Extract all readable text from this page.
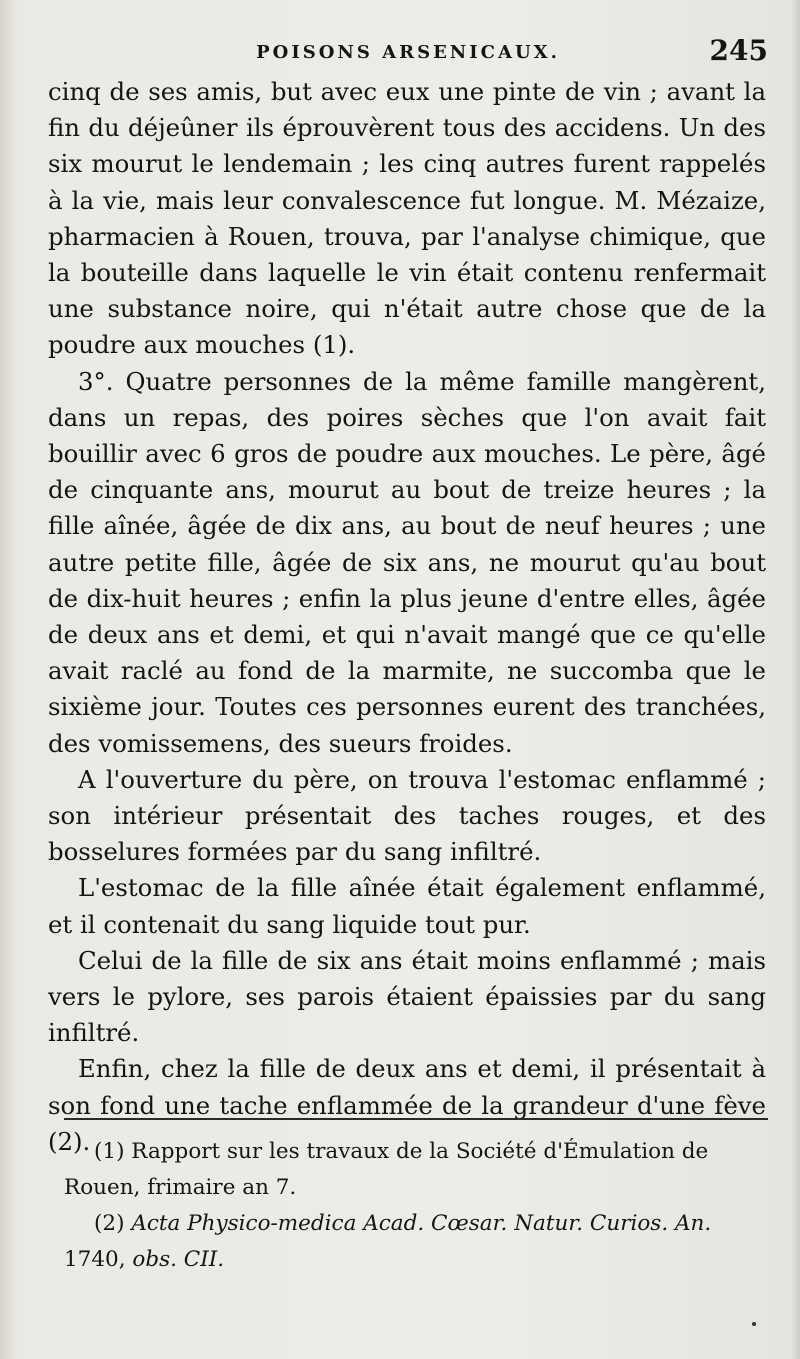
POISONS ARSENICAUX.	245

cinq de ses amis, but avec eux une pinte de vin ; avant la fin du déjeûner ils éprouvèrent tous des accidens. Un des six mourut le lendemain ; les cinq autres furent rappelés à la vie, mais leur convalescence fut longue. M. Mézaize, pharmacien à Rouen, trouva, par l'analyse chimique, que la bouteille dans laquelle le vin était contenu renfermait une substance noire, qui n'était autre chose que de la poudre aux mouches (1).

3°. Quatre personnes de la même famille mangèrent, dans un repas, des poires sèches que l'on avait fait bouillir avec 6 gros de poudre aux mouches. Le père, âgé de cinquante ans, mourut au bout de treize heures ; la fille aînée, âgée de dix ans, au bout de neuf heures ; une autre petite fille, âgée de six ans, ne mourut qu'au bout de dix-huit heures ; enfin la plus jeune d'entre elles, âgée de deux ans et demi, et qui n'avait mangé que ce qu'elle avait raclé au fond de la marmite, ne succomba que le sixième jour. Toutes ces personnes eurent des tranchées, des vomissemens, des sueurs froides.

A l'ouverture du père, on trouva l'estomac enflammé ; son intérieur présentait des taches rouges, et des bosselures formées par du sang infiltré.

L'estomac de la fille aînée était également enflammé, et il contenait du sang liquide tout pur.

Celui de la fille de six ans était moins enflammé ; mais vers le pylore, ses parois étaient épaissies par du sang infiltré.

Enfin, chez la fille de deux ans et demi, il présentait à son fond une tache enflammée de la grandeur d'une fève (2). (1) Rapport sur les travaux de la Société d'Émulation de Rouen, frimaire an 7.

(2) Acta Physico-medica Acad. Cœsar. Natur. Curios. An. 1740, obs. CII.
